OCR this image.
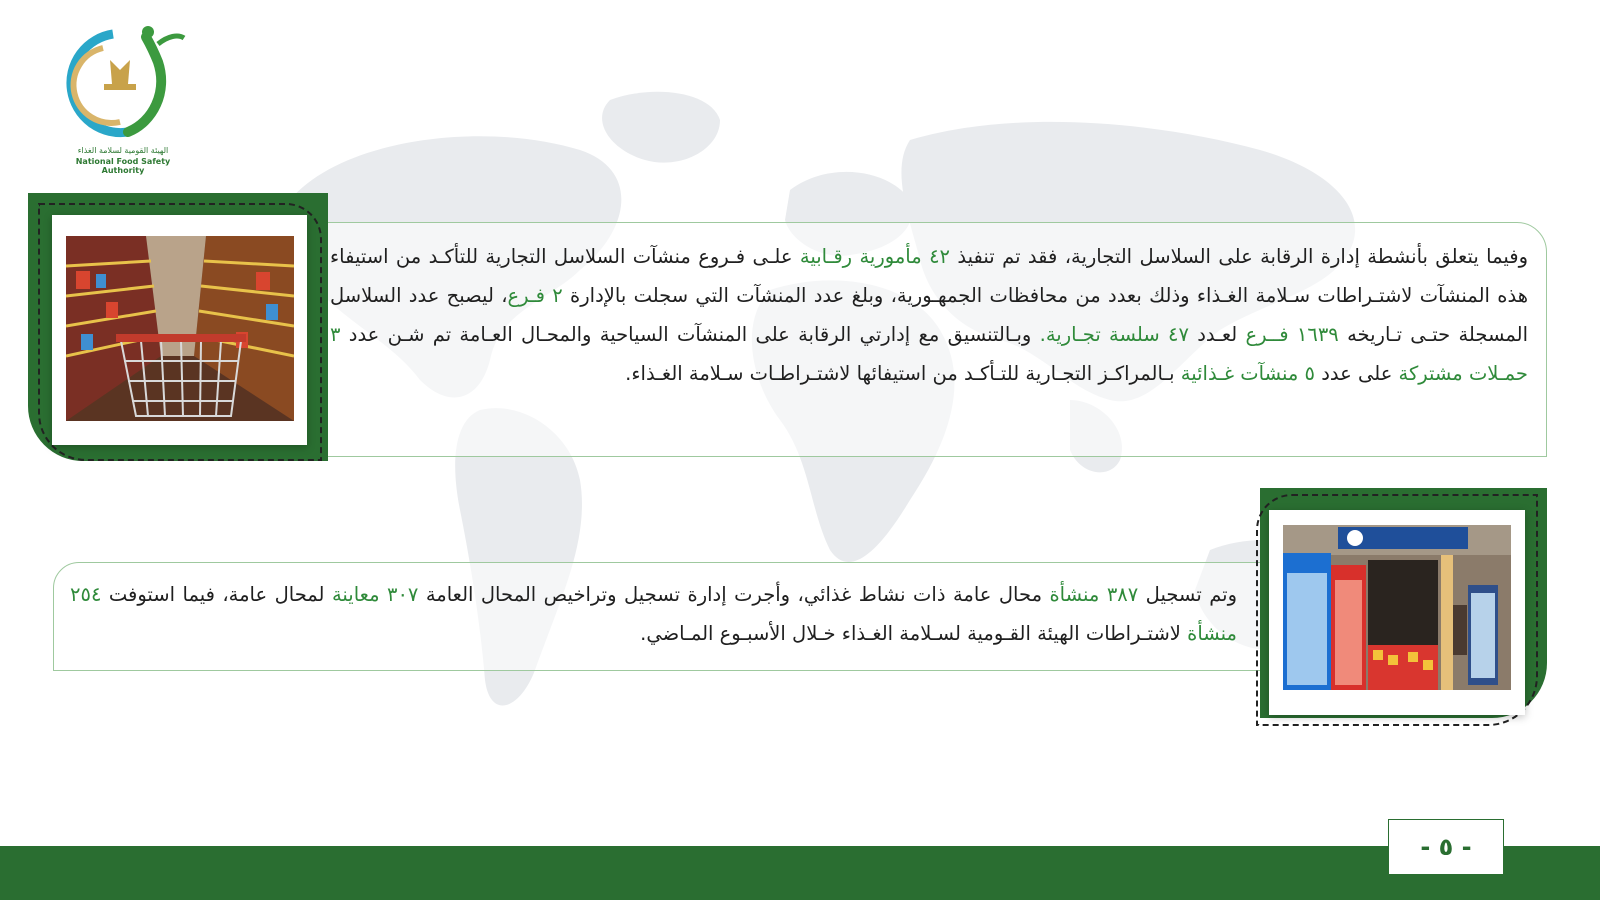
الهيئة القومية لسلامة الغذاء
National Food Safety Authority
وفيما يتعلق بأنشطة إدارة الرقابة على السلاسل التجارية، فقد تم تنفيذ ٤٢ مأمورية رقـابية علـى فـروع منشآت السلاسل التجارية للتأكـد من استيفاء هذه المنشآت لاشتـراطات سـلامة الغـذاء وذلك بعدد من محافظات الجمهـورية، وبلغ عدد المنشآت التي سجلت بالإدارة ٢ فـرع، ليصبح عدد السلاسل المسجلة حتـى تـاريخه ١٦٣٩ فــرع لعـدد ٤٧ سلسة تجـارية. وبـالتنسيق مع إدارتي الرقابة على المنشآت السياحية والمحـال العـامة تم شـن عدد ٣ حمـلات مشتركة على عدد ٥ منشآت غـذائية بـالمراكـز التجـارية للتـأكـد من استيفائها لاشتـراطـات سـلامة الغـذاء.
وتم تسجيل ٣٨٧ منشأة محال عامة ذات نشاط غذائي، وأجرت إدارة تسجيل وتراخيص المحال العامة ٣٠٧ معاينة لمحال عامة، فيما استوفت ٢٥٤ منشأة لاشتـراطات الهيئة القـومية لسـلامة الغـذاء خـلال الأسبـوع المـاضي.
- ٥ -
